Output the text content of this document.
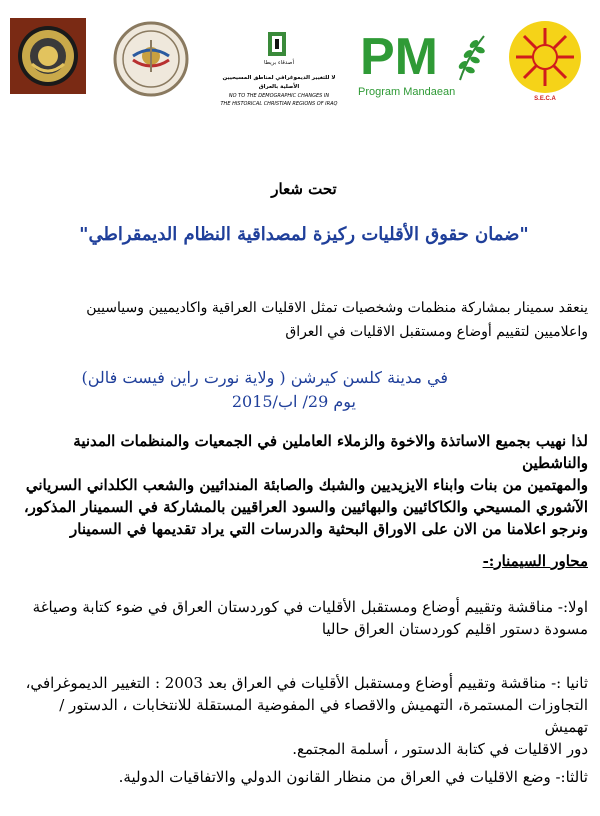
أصدقاء بريطا
لا للتغيير الديموغرافي لمناطق المسيحيين الأصلية بالعراق
NO TO THE DEMOGRAPHIC CHANGES IN
THE HISTORICAL CHRISTIAN REGIONS OF IRAQ
PM
Program Mandaean
S.E.C.A
تحت شعار
"ضمان حقوق الأقليات ركيزة لمصداقية النظام الديمقراطي"

ينعقد سمينار بمشاركة منظمات وشخصيات تمثل الاقليات العراقية واكاديميين وسياسيين

واعلاميين لتقييم أوضاع ومستقبل الاقليات في العراق

في مدينة كلسن كيرشن ( ولاية نورت راين فيست فالن)

يوم 29/ اب/2015

لذا نهيب بجميع الاساتذة والاخوة والزملاء العاملين في الجمعيات والمنظمات المدنية والناشطين

والمهتمين من بنات وابناء الايزيديين والشبك والصابئة المندائيين والشعب الكلداني السرياني

الآشوري المسيحي والكاكائيين والبهائيين والسود العراقيين بالمشاركة في السمينار المذكور،

ونرجو اعلامنا من الان على الاوراق البحثية والدرسات التي يراد تقديمها في السمينار

محاور السيمنار:-

اولا:- مناقشة وتقييم أوضاع ومستقبل الأقليات في كوردستان العراق في ضوء كتابة وصياغة

مسودة دستور اقليم كوردستان العراق حاليا

ثانيا :- مناقشة وتقييم أوضاع ومستقبل الأقليات في العراق بعد 2003 : التغيير الديموغرافي،

التجاوزات المستمرة، التهميش والاقصاء في المفوضية المستقلة للانتخابات ، الدستور / تهميش

دور الاقليات في كتابة الدستور ، أسلمة المجتمع.

ثالثا:- وضع الاقليات في العراق من منظار القانون الدولي والاتفاقيات الدولية.
